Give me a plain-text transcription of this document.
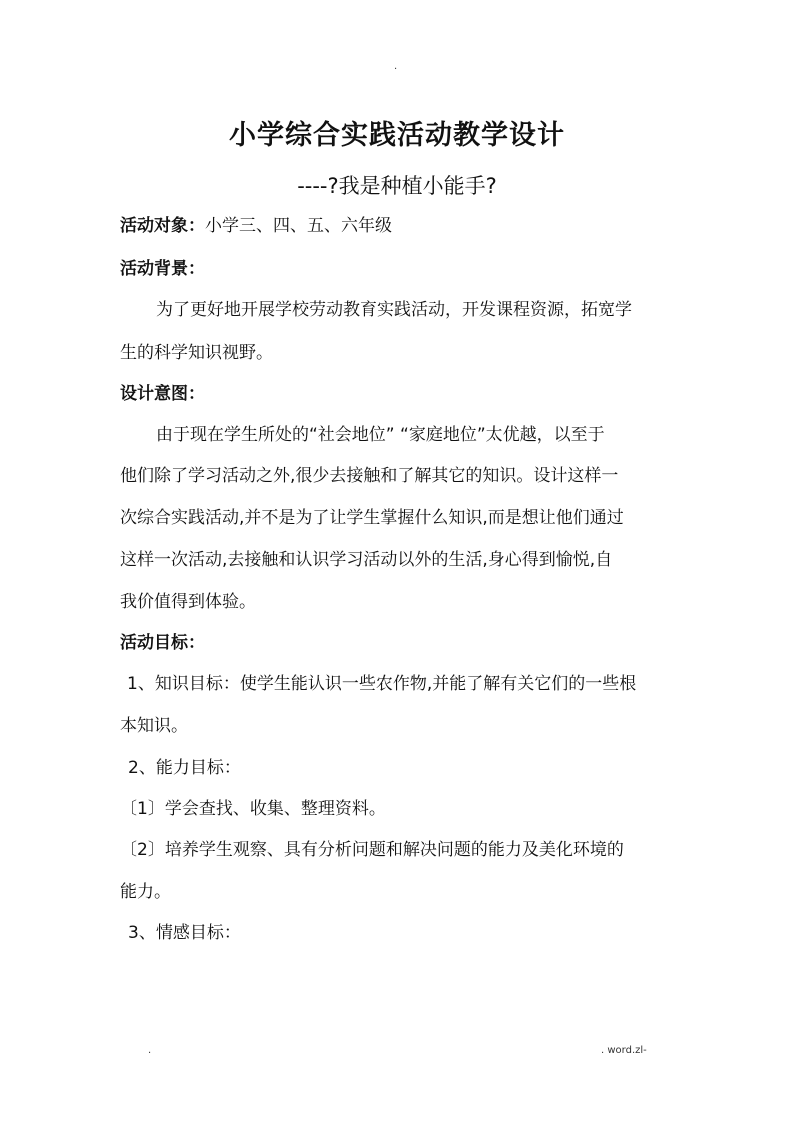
·
小学综合实践活动教学设计
----?我是种植小能手?
活动对象：小学三、四、五、六年级
活动背景：
为了更好地开展学校劳动教育实践活动，开发课程资源，拓宽学
生的科学知识视野。
设计意图：
由于现在学生所处的“社会地位” “家庭地位”太优越，以至于
他们除了学习活动之外,很少去接触和了解其它的知识。设计这样一
次综合实践活动,并不是为了让学生掌握什么知识,而是想让他们通过
这样一次活动,去接触和认识学习活动以外的生活,身心得到愉悦,自
我价值得到体验。
活动目标：
1、知识目标：使学生能认识一些农作物,并能了解有关它们的一些根
本知识。
2、能力目标：
〔1〕学会查找、收集、整理资料。
〔2〕培养学生观察、具有分析问题和解决问题的能力及美化环境的
能力。
3、情感目标：
.	. word.zl-
